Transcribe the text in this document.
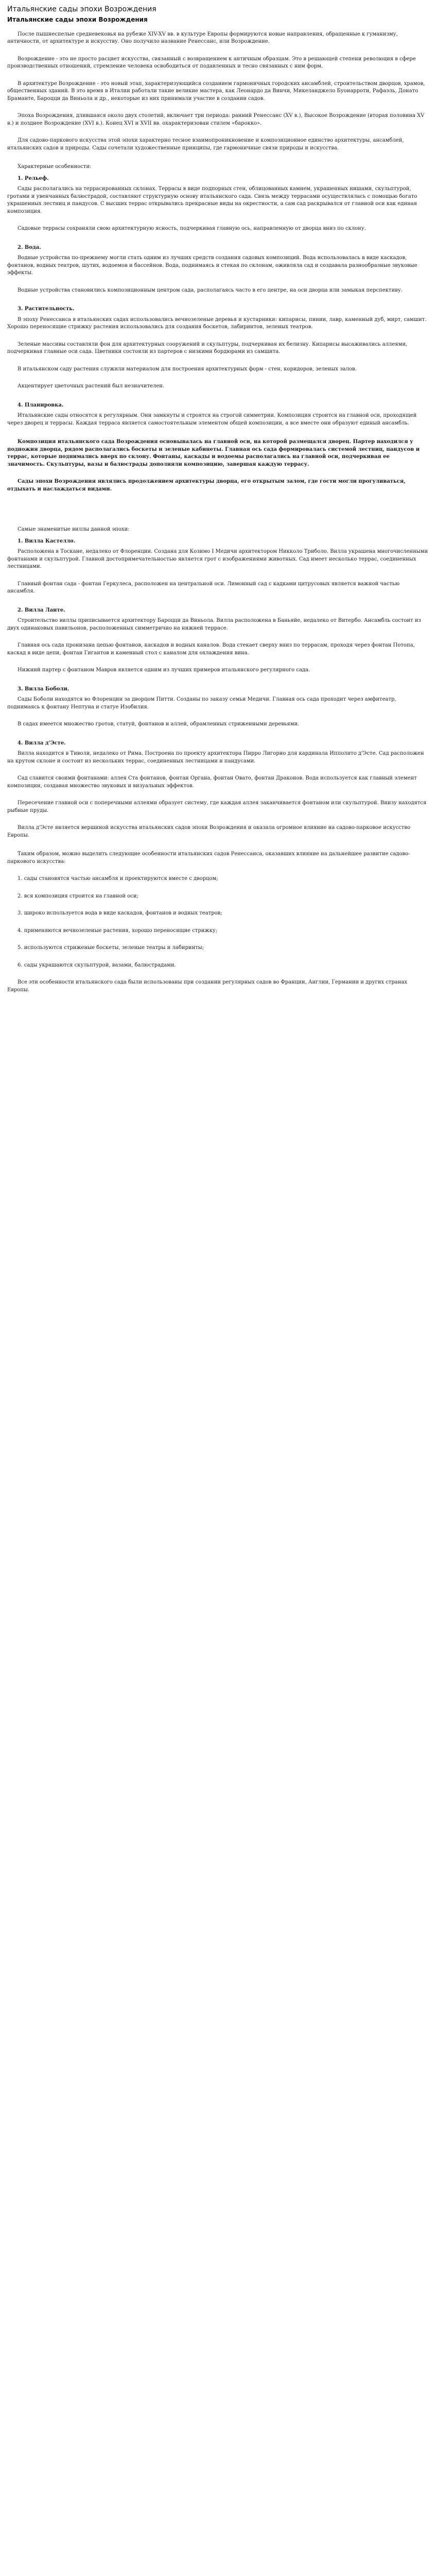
Итальянские сады эпохи Возрождения
Итальянские сады эпохи Возрождения

После пышнеспелые средневековья на рубеже XIV-XV вв. в культуре Европы формируются новые направления, обращенные к гуманизму, античности, от архитектуре и искусству. Оно получило название Ренессанс, или Возрождение.

Возрождение - это не просто расцвет искусства, связанный с возвращением к античным образцам. Это в решающей степени революция в сфере производственных отношений, стремление человека освободиться от подавленных и тесно связанных с ним форм.

В архитектуре Возрождение - это новый этап, характеризующийся созданием гармоничных городских ансамблей, строительством дворцов, храмов, общественных зданий. В это время в Италии работали такие великие мастера, как Леонардо да Винчи, Микеланджело Буонарроти, Рафаэль, Донато Браманте, Бароцци да Виньола и др., некоторые из них принимали участие в создании садов.

Эпоха Возрождения, длившаяся около двух столетий, включает три периода: ранний Ренессанс (XV в.), Высокое Возрождение (вторая половина XV в.) и позднее Возрождение (XVI в.). Конец XVI и XVII вв. охарактеризован стилем «барокко».

Для садово-паркового искусства этой эпохи характерно тесное взаимопроникновение и композиционное единство архитектуры, ансамблей, итальянских садов и природы. Сады сочетали художественные принципы, где гармоничные связи природы и искусства.

Характерные особенности:

1. Рельеф.

Сады располагались на террасированных склонах. Террасы в виде подпорных стен, облицованных камнем, украшенных нишами, скульптурой, гротами и увенчанных балюстрадой, составляют структурную основу итальянского сада. Связь между террасами осуществлялась с помощью богато украшенных лестниц и пандусов. С высших террас открывались прекрасные виды на окрестности, а сам сад раскрывался от главной оси как единая композиция.

Садовые террасы сохраняли свою архитектурную ясность, подчеркивая главную ось, направленную от дворца вниз по склону.

2. Вода.

Водные устройства по-прежнему могли стать одним из лучших средств создания садовых композиций. Вода использовалась в виде каскадов, фонтанов, водных театров, шутих, водоемов и бассейнов. Вода, поднимаясь и стекая по склонам, оживляла сад и создавала разнообразные звуковые эффекты.

Водные устройства становились композиционным центром сада, располагаясь часто в его центре, на оси дворца или замыкая перспективу.

3. Растительность.

В эпоху Ренессанса в итальянских садах использовались вечнозеленые деревья и кустарники: кипарисы, пинии, лавр, каменный дуб, мирт, самшит. Хорошо переносящие стрижку растения использовались для создания боскетов, лабиринтов, зеленых театров.

Зеленые массивы составляли фон для архитектурных сооружений и скульптуры, подчеркивая их белизну. Кипарисы высаживались аллеями, подчеркивая главные оси сада. Цветники состояли из партеров с низкими бордюрами из самшита.

В итальянском саду растения служили материалом для построения архитектурных форм - стен, коридоров, зеленых залов.

Акцентирует цветочных растений был незначителен.

4. Планировка.

Итальянские сады относятся к регулярным. Они замкнуты и строятся на строгой симметрии. Композиция строится на главной оси, проходящей через дворец и террасы. Каждая терраса является самостоятельным элементом общей композиции, а все вместе они образуют единый ансамбль.

Композиция итальянского сада Возрождения основывалась на главной оси, на которой размещался дворец. Партер находился у подножия дворца, рядом располагались боскеты и зеленые кабинеты. Главная ось сада формировалась системой лестниц, пандусов и террас, которые поднимались вверх по склону. Фонтаны, каскады и водоемы располагались на главной оси, подчеркивая ее значимость. Скульптуры, вазы и балюстрады дополняли композицию, завершая каждую террасу.

Сады эпохи Возрождения являлись продолжением архитектуры дворца, его открытым залом, где гости могли прогуливаться, отдыхать и наслаждаться видами.

Самые знаменитые виллы данной эпохи:

1. Вилла Кастелло.

Расположена в Тоскане, недалеко от Флоренции. Создана для Козимо I Медичи архитектором Никколо Триболо. Вилла украшена многочисленными фонтанами и скульптурой. Главной достопримечательностью является грот с изображениями животных. Сад имеет несколько террас, соединенных лестницами.

Главный фонтан сада - фонтан Геркулеса, расположен на центральной оси. Лимонный сад с кадками цитрусовых является важной частью ансамбля.

2. Вилла Ланте.

Строительство виллы приписывается архитектору Бароцци да Виньола. Вилла расположена в Баньяйе, недалеко от Витербо. Ансамбль состоит из двух одинаковых павильонов, расположенных симметрично на нижней террасе.

Главная ось сада пронизана цепью фонтанов, каскадов и водных каналов. Вода стекает сверху вниз по террасам, проходя через фонтан Потопа, каскад в виде цепи, фонтан Гигантов и каменный стол с каналом для охлаждения вина.

Нижний партер с фонтаном Мавров является одним из лучших примеров итальянского регулярного сада.

3. Вилла Боболи.

Сады Боболи находятся во Флоренции за дворцом Питти. Созданы по заказу семьи Медичи. Главная ось сада проходит через амфитеатр, поднимаясь к фонтану Нептуна и статуе Изобилия.

В садах имеется множество гротов, статуй, фонтанов и аллей, обрамленных стриженными деревьями.

4. Вилла д'Эсте.

Вилла находится в Тиволи, недалеко от Рима. Построена по проекту архитектора Пирро Лигорио для кардинала Ипполито д'Эсте. Сад расположен на крутом склоне и состоит из нескольких террас, соединенных лестницами и пандусами.

Сад славится своими фонтанами: аллея Ста фонтанов, фонтан Органа, фонтан Овато, фонтан Драконов. Вода используется как главный элемент композиции, создавая множество звуковых и визуальных эффектов.

Пересечение главной оси с поперечными аллеями образует систему, где каждая аллея заканчивается фонтаном или скульптурой. Внизу находятся рыбные пруды.

Вилла д'Эсте является вершиной искусства итальянских садов эпохи Возрождения и оказала огромное влияние на садово-парковое искусство Европы.

Таким образом, можно выделить следующие особенности итальянских садов Ренессанса, оказавших влияние на дальнейшее развитие садово-паркового искусства:

1. сады становятся частью ансамбля и проектируются вместе с дворцом;

2. вся композиция строится на главной оси;

3. широко используется вода в виде каскадов, фонтанов и водных театров;

4. применяются вечнозеленые растения, хорошо переносящие стрижку;

5. используются стриженые боскеты, зеленые театры и лабиринты;

6. сады украшаются скульптурой, вазами, балюстрадами.

Все эти особенности итальянского сада были использованы при создании регулярных садов во Франции, Англии, Германии и других странах Европы.
